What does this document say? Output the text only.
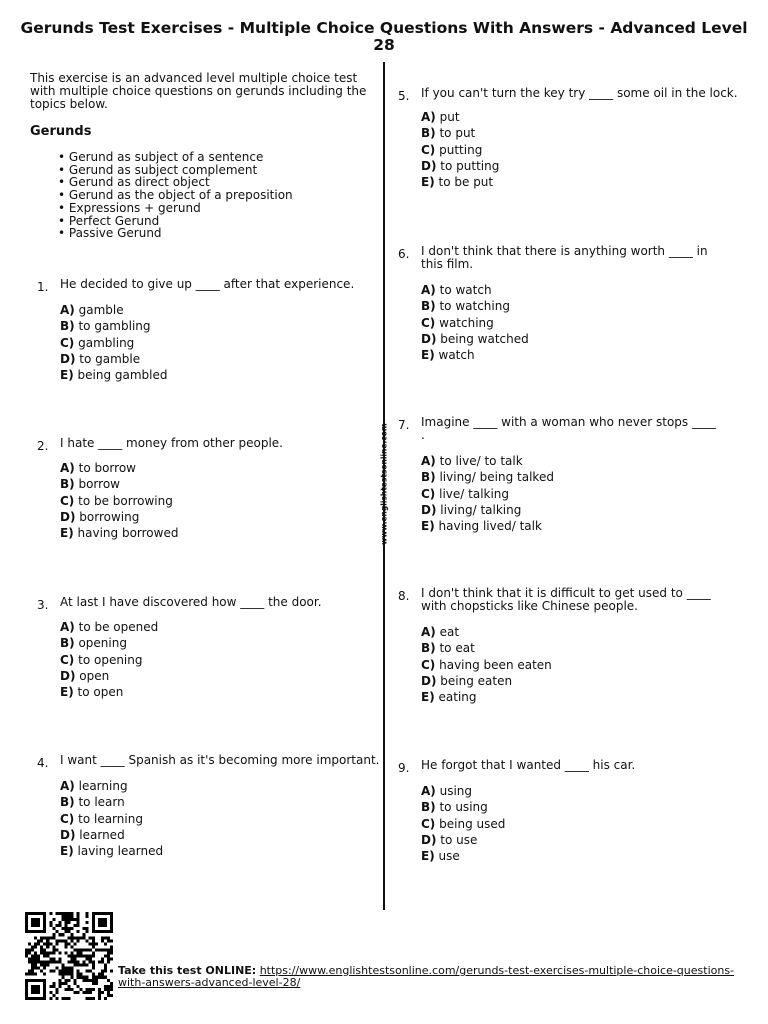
Gerunds Test Exercises - Multiple Choice Questions With Answers - Advanced Level 28

This exercise is an advanced level multiple choice test with multiple choice questions on gerunds including the topics below.

Gerunds
• Gerund as subject of a sentence
• Gerund as subject complement
• Gerund as direct object
• Gerund as the object of a preposition
• Expressions + gerund
• Perfect Gerund
• Passive Gerund
www.englishtestsonline.com
1. He decided to give up ____ after that experience.

A) gamble
B) to gambling
C) gambling
D) to gamble
E) being gambled
2. I hate ____ money from other people.

A) to borrow
B) borrow
C) to be borrowing
D) borrowing
E) having borrowed
3. At last I have discovered how ____ the door.

A) to be opened
B) opening
C) to opening
D) open
E) to open
4. I want ____ Spanish as it's becoming more important.

A) learning
B) to learn
C) to learning
D) learned
E) laving learned
5. If you can't turn the key try ____ some oil in the lock.

A) put
B) to put
C) putting
D) to putting
E) to be put
6. I don't think that there is anything worth ____ in this film.

A) to watch
B) to watching
C) watching
D) being watched
E) watch
7. Imagine ____ with a woman who never stops ____ .

A) to live/ to talk
B) living/ being talked
C) live/ talking
D) living/ talking
E) having lived/ talk
8. I don't think that it is difficult to get used to ____ with chopsticks like Chinese people.

A) eat
B) to eat
C) having been eaten
D) being eaten
E) eating
9. He forgot that I wanted ____ his car.

A) using
B) to using
C) being used
D) to use
E) use

Take this test ONLINE: https://www.englishtestsonline.com/gerunds-test-exercises-multiple-choice-questions-with-answers-advanced-level-28/
